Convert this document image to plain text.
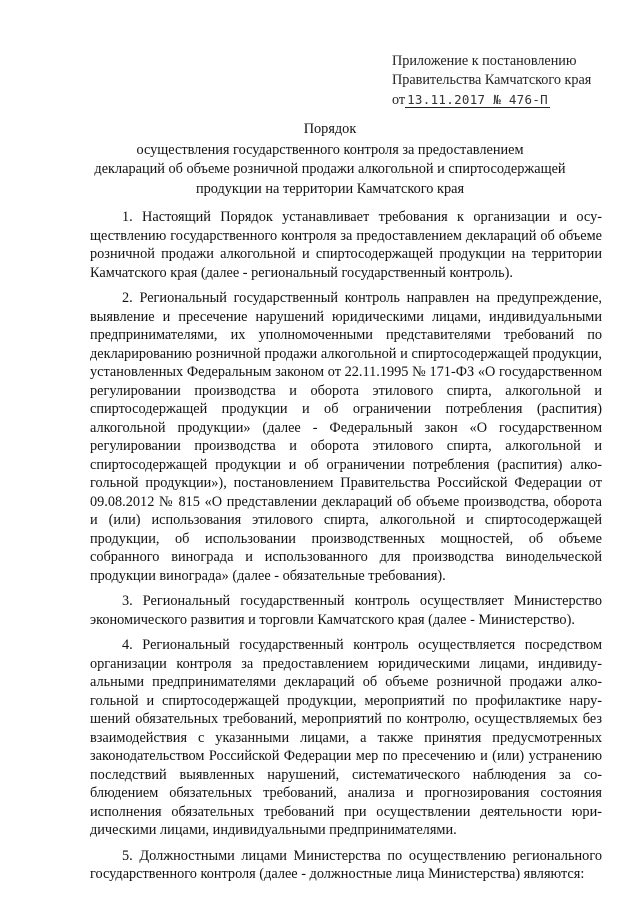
Приложение к постановлению
Правительства Камчатского края
от 13.11.2017 № 476-П
Порядок
осуществления государственного контроля за предоставлением
деклараций об объеме розничной продажи алкогольной и спиртосодержащей
продукции на территории Камчатского края

1. Настоящий Порядок устанавливает требования к организации и осуществлению государственного контроля за предоставлением деклараций об объеме розничной продажи алкогольной и спиртосодержащей продукции на территории Камчатского края (далее - региональный государственный контроль).

2. Региональный государственный контроль направлен на предупреждение, выявление и пресечение нарушений юридическими лицами, индивидуальными предпринимателями, их уполномоченными представителями требований по декларированию розничной продажи алкогольной и спиртосодержащей продукции, установленных Федеральным законом от 22.11.1995 № 171-ФЗ «О государственном регулировании производства и оборота этилового спирта, алкогольной и спиртосодержащей продукции и об ограничении потребления (распития) алкогольной продукции» (далее - Федеральный закон «О государственном регулировании производства и оборота этилового спирта, алкогольной и спиртосодержащей продукции и об ограничении потребления (распития) алкогольной продукции»), постановлением Правительства Российской Федерации от 09.08.2012 № 815 «О представлении деклараций об объеме производства, оборота и (или) использования этилового спирта, алкогольной и спиртосодержащей продукции, об использовании производственных мощностей, об объеме собранного винограда и использованного для производства винодельческой продукции винограда» (далее - обязательные требования).

3. Региональный государственный контроль осуществляет Министерство экономического развития и торговли Камчатского края (далее - Министерство).

4. Региональный государственный контроль осуществляется посредством организации контроля за предоставлением юридическими лицами, индивидуальными предпринимателями деклараций об объеме розничной продажи алкогольной и спиртосодержащей продукции, мероприятий по профилактике нарушений обязательных требований, мероприятий по контролю, осуществляемых без взаимодействия с указанными лицами, а также принятия предусмотренных законодательством Российской Федерации мер по пресечению и (или) устранению последствий выявленных нарушений, систематического наблюдения за соблюдением обязательных требований, анализа и прогнозирования состояния исполнения обязательных требований при осуществлении деятельности юридическими лицами, индивидуальными предпринимателями.

5. Должностными лицами Министерства по осуществлению регионального государственного контроля (далее - должностные лица Министерства) являются:
